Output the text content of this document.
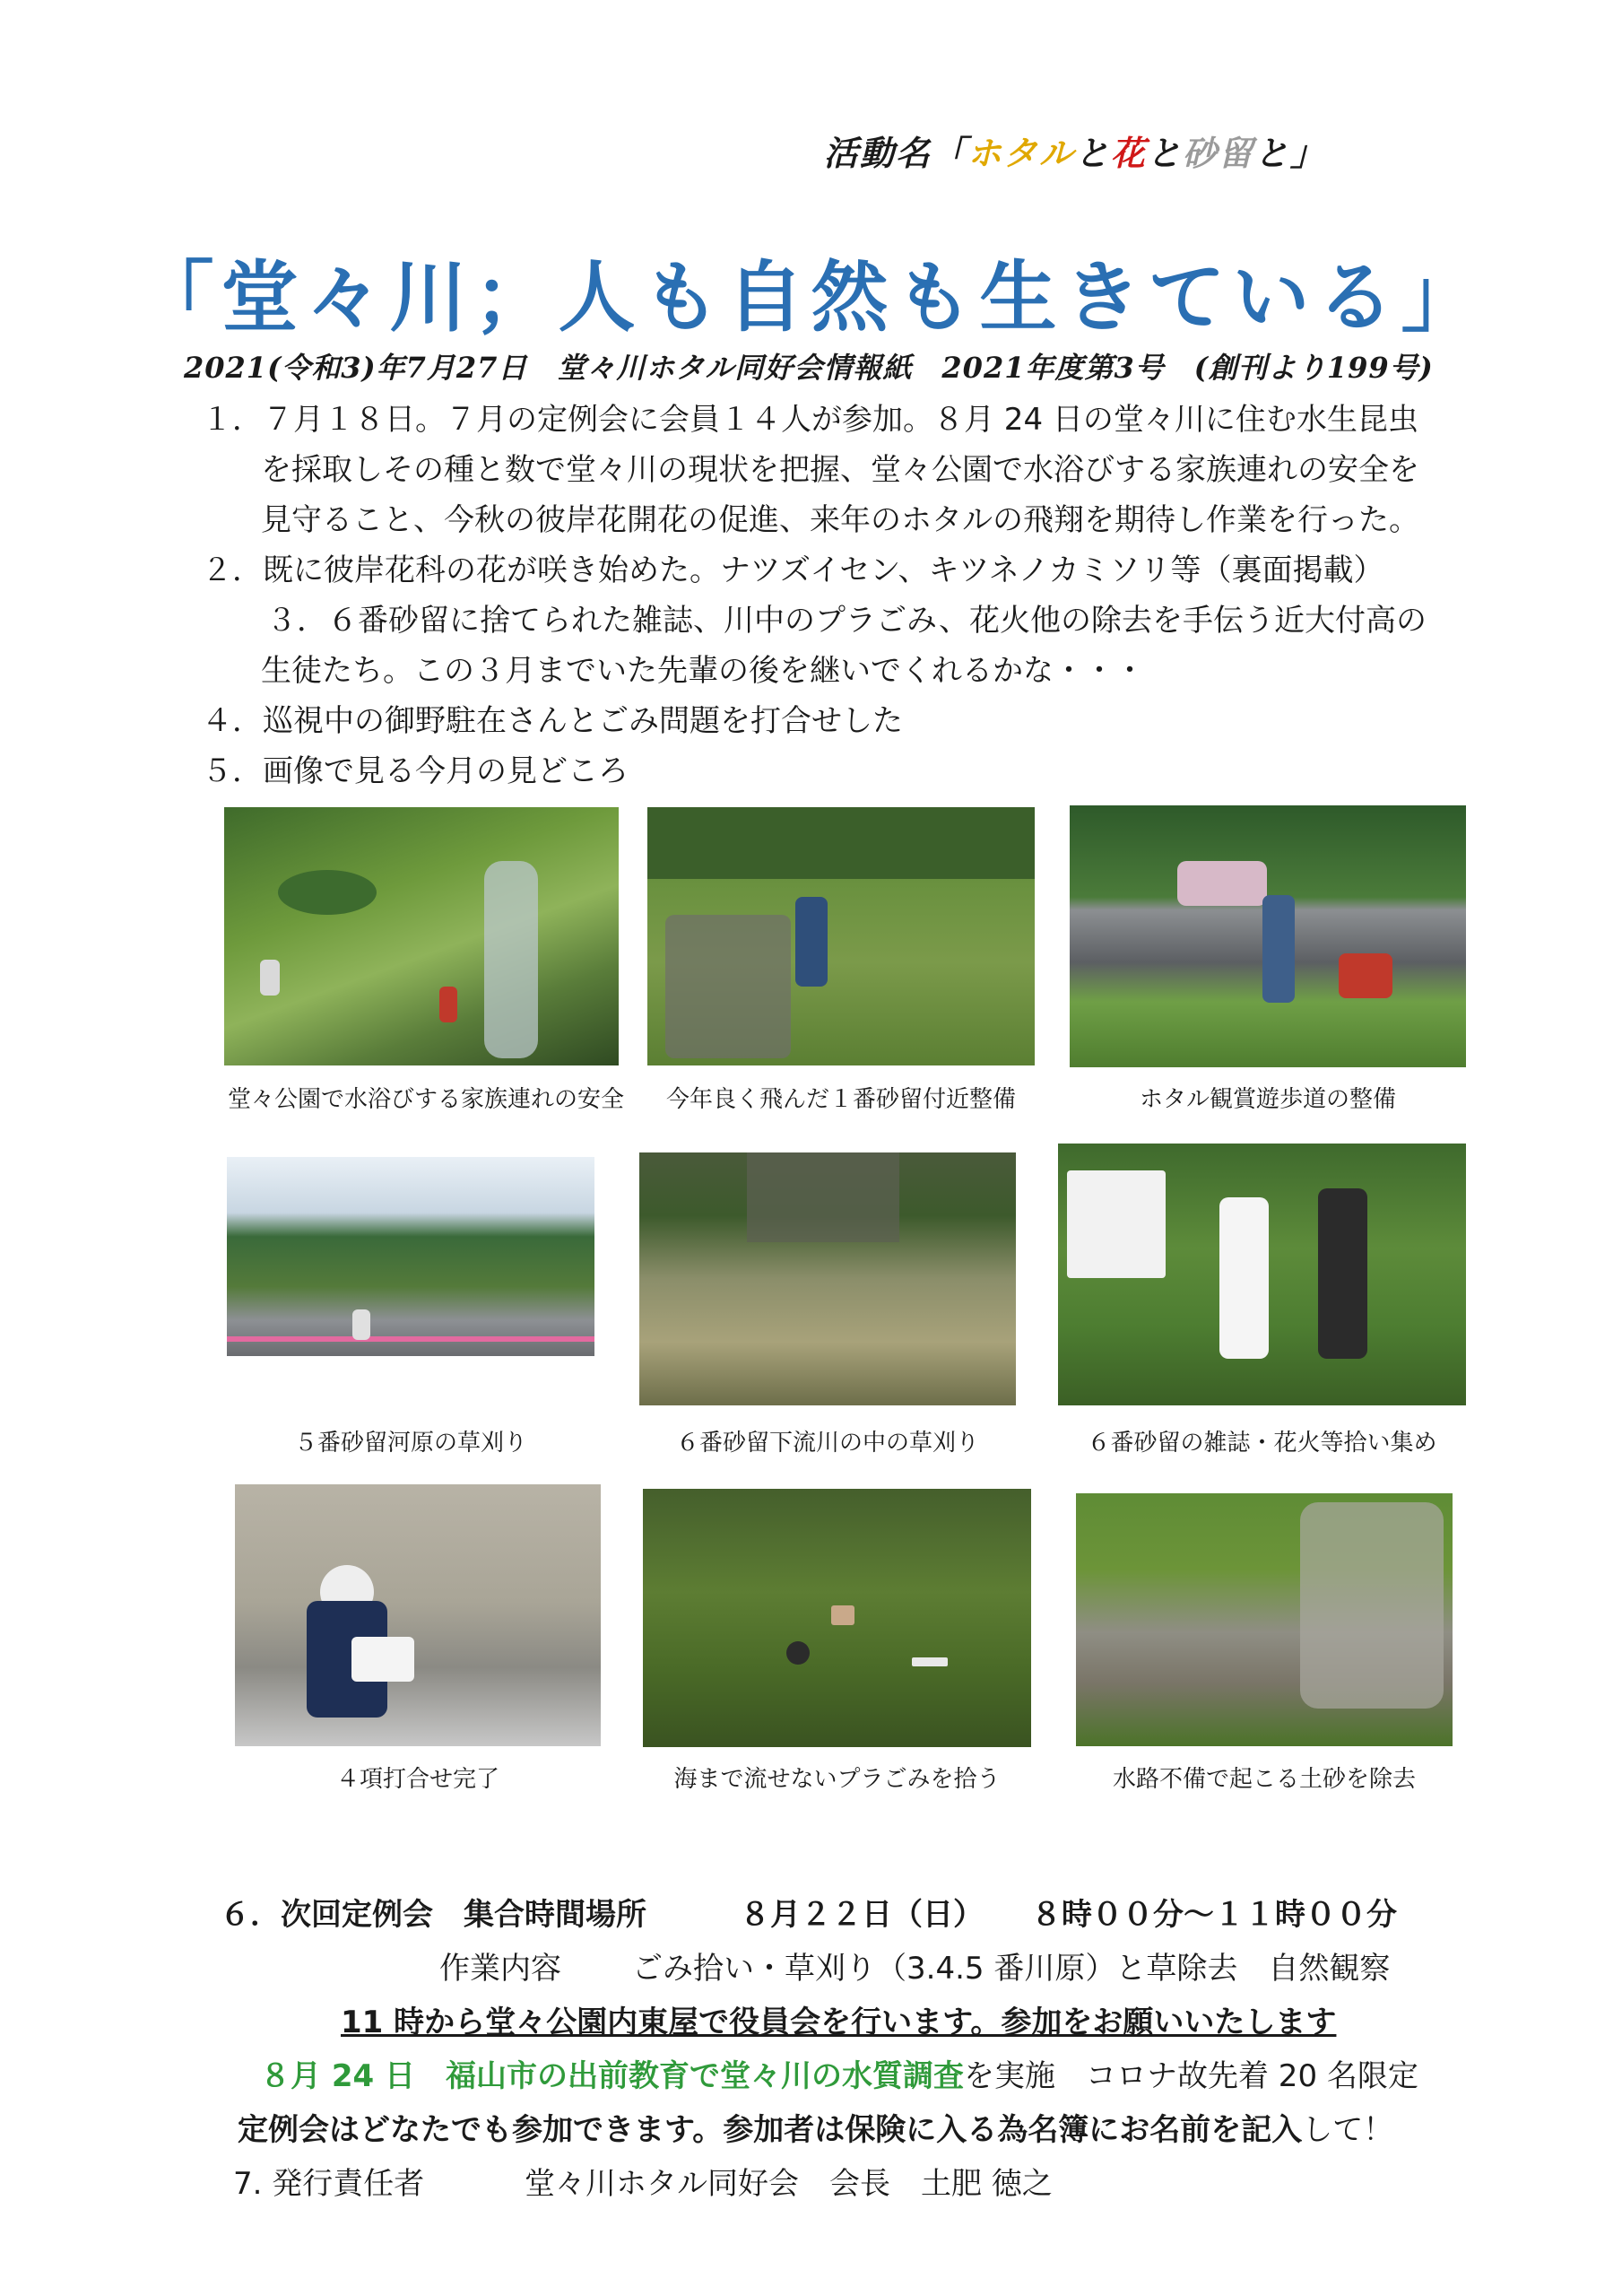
活動名「ホタルと花と砂留と」
「堂々川；人も自然も生きている」
2021(令和3)年7月27日　堂々川ホタル同好会情報紙　2021年度第3号　(創刊より199号)
１．７月１８日。７月の定例会に会員１４人が参加。８月 24 日の堂々川に住む水生昆虫
を採取しその種と数で堂々川の現状を把握、堂々公園で水浴びする家族連れの安全を
見守ること、今秋の彼岸花開花の促進、来年のホタルの飛翔を期待し作業を行った。
２．既に彼岸花科の花が咲き始めた。ナツズイセン、キツネノカミソリ等（裏面掲載）
３．６番砂留に捨てられた雑誌、川中のプラごみ、花火他の除去を手伝う近大付高の
生徒たち。この３月までいた先輩の後を継いでくれるかな・・・
４．巡視中の御野駐在さんとごみ問題を打合せした
５．画像で見る今月の見どころ
堂々公園で水浴びする家族連れの安全	今年良く飛んだ１番砂留付近整備	ホタル観賞遊歩道の整備
５番砂留河原の草刈り	６番砂留下流川の中の草刈り	６番砂留の雑誌・花火等拾い集め
４項打合せ完了	海まで流せないプラごみを拾う	水路不備で起こる土砂を除去
６．次回定例会　集合時間場所	８月２２日（日） ８時００分～１１時００分
作業内容 ごみ拾い・草刈り（3.4.5 番川原）と草除去　自然観察
11 時から堂々公園内東屋で役員会を行います。参加をお願いいたします
８月 24 日　福山市の出前教育で堂々川の水質調査を実施　コロナ故先着 20 名限定
定例会はどなたでも参加できます。参加者は保険に入る為名簿にお名前を記入して！
7. 発行責任者	堂々川ホタル同好会　会長　土肥 徳之
